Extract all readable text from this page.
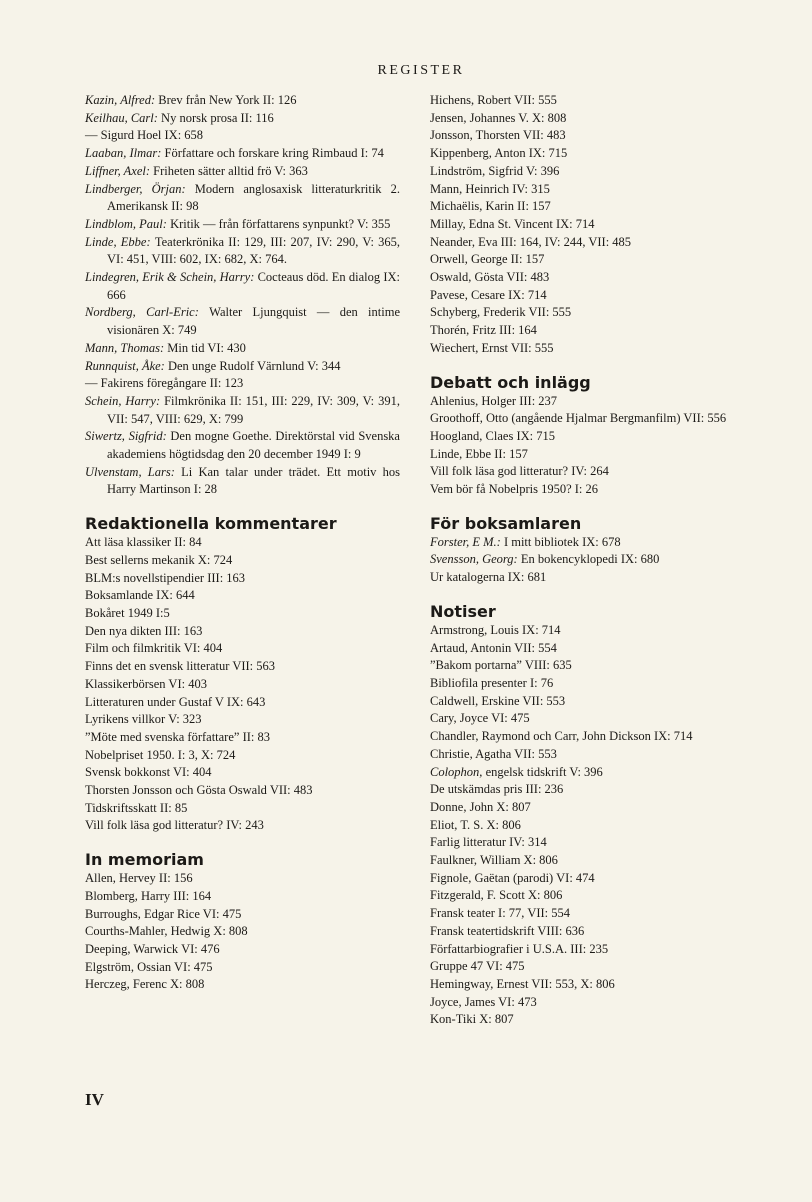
REGISTER
Kazin, Alfred: Brev från New York II: 126
Keilhau, Carl: Ny norsk prosa II: 116
— Sigurd Hoel IX: 658
Laaban, Ilmar: Författare och forskare kring Rimbaud I: 74
Liffner, Axel: Friheten sätter alltid frö V: 363
Lindberger, Örjan: Modern anglosaxisk litteraturkritik 2. Amerikansk II: 98
Lindblom, Paul: Kritik — från författarens synpunkt? V: 355
Linde, Ebbe: Teaterkrönika II: 129, III: 207, IV: 290, V: 365, VI: 451, VIII: 602, IX: 682, X: 764.
Lindegren, Erik & Schein, Harry: Cocteaus död. En dialog IX: 666
Nordberg, Carl-Eric: Walter Ljungquist — den intime visionären X: 749
Mann, Thomas: Min tid VI: 430
Runnquist, Åke: Den unge Rudolf Värnlund V: 344
— Fakirens föregångare II: 123
Schein, Harry: Filmkrönika II: 151, III: 229, IV: 309, V: 391, VII: 547, VIII: 629, X: 799
Siwertz, Sigfrid: Den mogne Goethe. Direktörstal vid Svenska akademiens högtidsdag den 20 december 1949 I: 9
Ulvenstam, Lars: Li Kan talar under trädet. Ett motiv hos Harry Martinson I: 28
Redaktionella kommentarer
Att läsa klassiker II: 84
Best sellerns mekanik X: 724
BLM:s novellstipendier III: 163
Boksamlande IX: 644
Bokåret 1949 I:5
Den nya dikten III: 163
Film och filmkritik VI: 404
Finns det en svensk litteratur VII: 563
Klassikerbörsen VI: 403
Litteraturen under Gustaf V IX: 643
Lyrikens villkor V: 323
”Möte med svenska författare” II: 83
Nobelpriset 1950. I: 3, X: 724
Svensk bokkonst VI: 404
Thorsten Jonsson och Gösta Oswald VII: 483
Tidskriftsskatt II: 85
Vill folk läsa god litteratur? IV: 243
In memoriam
Allen, Hervey II: 156
Blomberg, Harry III: 164
Burroughs, Edgar Rice VI: 475
Courths-Mahler, Hedwig X: 808
Deeping, Warwick VI: 476
Elgström, Ossian VI: 475
Herczeg, Ferenc X: 808
Hichens, Robert VII: 555
Jensen, Johannes V. X: 808
Jonsson, Thorsten VII: 483
Kippenberg, Anton IX: 715
Lindström, Sigfrid V: 396
Mann, Heinrich IV: 315
Michaëlis, Karin II: 157
Millay, Edna St. Vincent IX: 714
Neander, Eva III: 164, IV: 244, VII: 485
Orwell, George II: 157
Oswald, Gösta VII: 483
Pavese, Cesare IX: 714
Schyberg, Frederik VII: 555
Thorén, Fritz III: 164
Wiechert, Ernst VII: 555
Debatt och inlägg
Ahlenius, Holger III: 237
Groothoff, Otto (angående Hjalmar Bergmanfilm) VII: 556
Hoogland, Claes IX: 715
Linde, Ebbe II: 157
Vill folk läsa god litteratur? IV: 264
Vem bör få Nobelpris 1950? I: 26
För boksamlaren
Forster, E M.: I mitt bibliotek IX: 678
Svensson, Georg: En bokencyklopedi IX: 680
Ur katalogerna IX: 681
Notiser
Armstrong, Louis IX: 714
Artaud, Antonin VII: 554
”Bakom portarna” VIII: 635
Bibliofila presenter I: 76
Caldwell, Erskine VII: 553
Cary, Joyce VI: 475
Chandler, Raymond och Carr, John Dickson IX: 714
Christie, Agatha VII: 553
Colophon, engelsk tidskrift V: 396
De utskämdas pris III: 236
Donne, John X: 807
Eliot, T. S. X: 806
Farlig litteratur IV: 314
Faulkner, William X: 806
Fignole, Gaëtan (parodi) VI: 474
Fitzgerald, F. Scott X: 806
Fransk teater I: 77, VII: 554
Fransk teatertidskrift VIII: 636
Författarbiografier i U.S.A. III: 235
Gruppe 47 VI: 475
Hemingway, Ernest VII: 553, X: 806
Joyce, James VI: 473
Kon-Tiki X: 807
IV
